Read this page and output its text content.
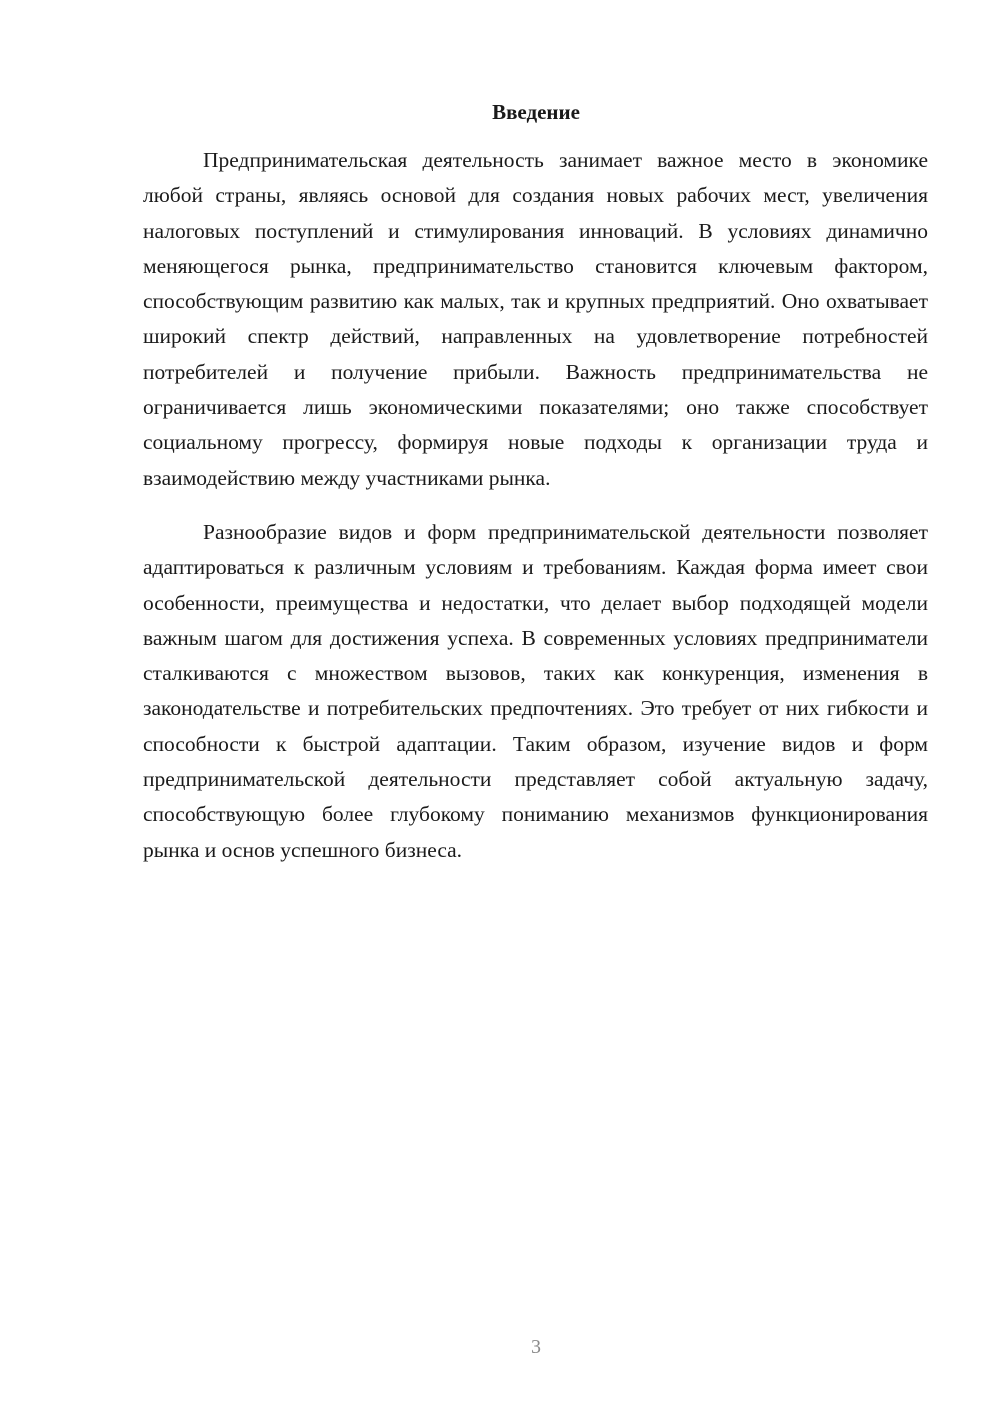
Введение

Предпринимательская деятельность занимает важное место в экономике любой страны, являясь основой для создания новых рабочих мест, увеличения налоговых поступлений и стимулирования инноваций. В условиях динамично меняющегося рынка, предпринимательство становится ключевым фактором, способствующим развитию как малых, так и крупных предприятий. Оно охватывает широкий спектр действий, направленных на удовлетворение потребностей потребителей и получение прибыли. Важность предпринимательства не ограничивается лишь экономическими показателями; оно также способствует социальному прогрессу, формируя новые подходы к организации труда и взаимодействию между участниками рынка.

Разнообразие видов и форм предпринимательской деятельности позволяет адаптироваться к различным условиям и требованиям. Каждая форма имеет свои особенности, преимущества и недостатки, что делает выбор подходящей модели важным шагом для достижения успеха. В современных условиях предприниматели сталкиваются с множеством вызовов, таких как конкуренция, изменения в законодательстве и потребительских предпочтениях. Это требует от них гибкости и способности к быстрой адаптации. Таким образом, изучение видов и форм предпринимательской деятельности представляет собой актуальную задачу, способствующую более глубокому пониманию механизмов функционирования рынка и основ успешного бизнеса.

3
